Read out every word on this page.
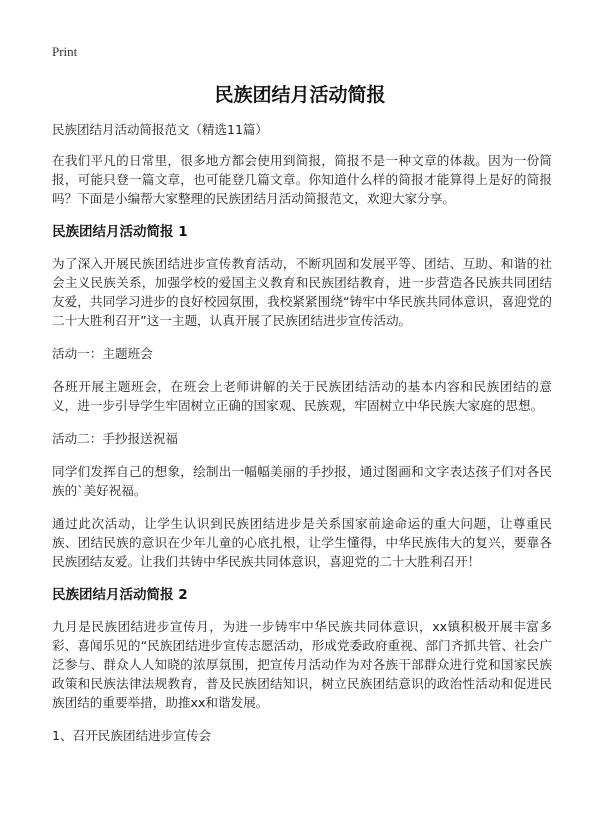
Print
民族团结月活动简报

民族团结月活动简报范文（精选11篇）

在我们平凡的日常里，很多地方都会使用到简报，简报不是一种文章的体裁。因为一份简报，可能只登一篇文章，也可能登几篇文章。你知道什么样的简报才能算得上是好的简报吗？下面是小编帮大家整理的民族团结月活动简报范文，欢迎大家分享。

民族团结月活动简报 1

为了深入开展民族团结进步宣传教育活动，不断巩固和发展平等、团结、互助、和谐的社会主义民族关系，加强学校的爱国主义教育和民族团结教育，进一步营造各民族共同团结友爱，共同学习进步的良好校园氛围，我校紧紧围绕“铸牢中华民族共同体意识，喜迎党的二十大胜利召开”这一主题，认真开展了民族团结进步宣传活动。

活动一：主题班会

各班开展主题班会，在班会上老师讲解的关于民族团结活动的基本内容和民族团结的意义，进一步引导学生牢固树立正确的国家观、民族观，牢固树立中华民族大家庭的思想。

活动二：手抄报送祝福

同学们发挥自己的想象，绘制出一幅幅美丽的手抄报，通过图画和文字表达孩子们对各民族的`美好祝福。

通过此次活动，让学生认识到民族团结进步是关系国家前途命运的重大问题，让尊重民族、团结民族的意识在少年儿童的心底扎根，让学生懂得，中华民族伟大的复兴，要靠各民族团结友爱。让我们共铸中华民族共同体意识，喜迎党的二十大胜利召开！

民族团结月活动简报 2

九月是民族团结进步宣传月，为进一步铸牢中华民族共同体意识，xx镇积极开展丰富多彩、喜闻乐见的“民族团结进步宣传志愿活动，形成党委政府重视、部门齐抓共管、社会广泛参与、群众人人知晓的浓厚氛围，把宣传月活动作为对各族干部群众进行党和国家民族政策和民族法律法规教育，普及民族团结知识，树立民族团结意识的政治性活动和促进民族团结的重要举措，助推xx和谐发展。

1、召开民族团结进步宣传会
